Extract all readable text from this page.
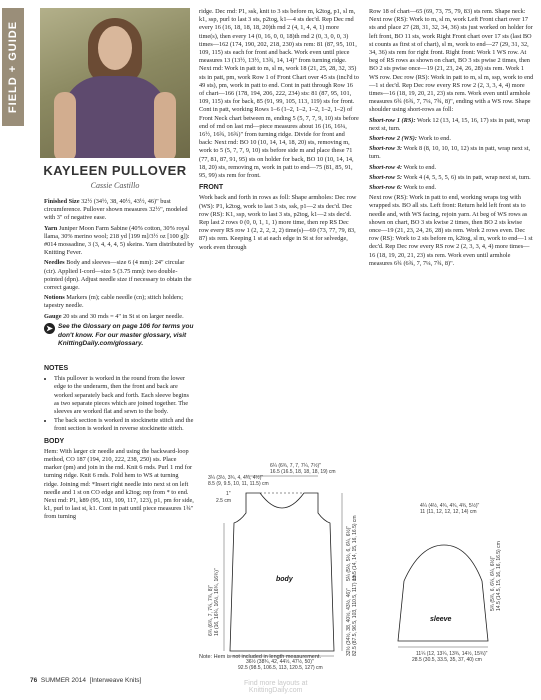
FIELD + GUIDE
KAYLEEN PULLOVER
Cassie Castillo

Finished Size 32½ (34½, 38, 40½, 43½, 46)" bust circumference. Pullover shown measures 32½", modeled with 3" of negative ease.

Yarn Juniper Moon Farm Sabine (40% cotton, 30% royal llama, 30% merino wool; 218 yd [199 m]/3½ oz [100 g]): #014 mossadine, 3 (3, 4, 4, 4, 5) skeins. Yarn distributed by Knitting Fever.

Needles Body and sleeves—size 6 (4 mm): 24" circular (cir). Applied I-cord—size 5 (3.75 mm): two double-pointed (dpn). Adjust needle size if necessary to obtain the correct gauge.

Notions Markers (m); cable needle (cn); stitch holders; tapestry needle.

Gauge 20 sts and 30 rnds = 4" in St st on larger needle.

➤ See the Glossary on page 106 for terms you don't know. For our master glossary, visit KnittingDaily.com/glossary.
NOTES
• This pullover is worked in the round from the lower edge to the underarm, then the front and back are worked separately back and forth. Each sleeve begins as two separate pieces which are joined together. The sleeves are worked flat and sewn to the body.
• The back section is worked in stockinette stitch and the front section is worked in reverse stockinette stitch.
BODY

Hem: With larger cir needle and using the backward-loop method, CO 187 (194, 210, 222, 238, 250) sts. Place marker (pm) and join in the rnd. Knit 6 rnds. Purl 1 rnd for turning ridge. Knit 6 rnds. Fold hem to WS at turning ridge. Joining rnd: *Insert right needle into next st on left needle and 1 st on CO edge and k2tog; rep from * to end. Next rnd: P1, k89 (95, 103, 109, 117, 123), p1, pm for side, k1, purl to last st, k1. Cont in patt until piece measures 1¾" from turning

ridge. Dec rnd: P1, ssk, knit to 3 sts before m, k2tog, p1, sl m, k1, ssp, purl to last 3 sts, p2tog, k1—4 sts dec'd. Rep Dec rnd every 16 (16, 18, 18, 18, 20)th rnd 2 (4, 1, 4, 4, 1) more time(s), then every 14 (0, 16, 0, 0, 18)th rnd 2 (0, 3, 0, 0, 3) times—162 (174, 190, 202, 218, 230) sts rem: 81 (87, 95, 101, 109, 115) sts each for front and back. Work even until piece measures 13 (13½, 13½, 13¾, 14, 14)" from turning ridge. Next rnd: Work in patt to m, sl m, work 18 (21, 25, 28, 32, 35) sts in patt, pm, work Row 1 of Front Chart over 45 sts (incl'd to 49 sts), pm, work in patt to end. Cont in patt through Row 16 of chart—166 (178, 194, 206, 222, 234) sts: 81 (87, 95, 101, 109, 115) sts for back, 85 (91, 99, 105, 113, 119) sts for front. Cont in patt, working Rows 1–6 (1–2, 1–2, 1–2, 1–2, 1–2) of Front Neck chart between m, ending 5 (5, 7, 7, 9, 10) sts before end of rnd on last rnd—piece measures about 16 (16, 16¼, 16½, 16¾, 16¾)" from turning ridge. Divide for front and back: Next rnd: BO 10 (10, 14, 14, 18, 20) sts, removing m, work to 5 (5, 7, 7, 9, 10) sts before side m and place these 71 (77, 81, 87, 91, 95) sts on holder for back, BO 10 (10, 14, 14, 18, 20) sts, removing m, work in patt to end—75 (81, 85, 91, 95, 99) sts rem for front.

FRONT

Work back and forth in rows as foll: Shape armholes: Dec row (WS): P1, k2tog, work to last 3 sts, ssk, p1—2 sts dec'd. Dec row (RS): K1, ssp, work to last 3 sts, p2tog, k1—2 sts dec'd. Rep last 2 rows 0 (0, 0, 1, 1, 1) more time, then rep RS Dec row every RS row 1 (2, 2, 2, 2, 2) time(s)—69 (73, 77, 79, 83, 87) sts rem. Keeping 1 st at each edge in St st for selvedge, work even through

Row 18 of chart—65 (69, 73, 75, 79, 83) sts rem. Shape neck: Next row (RS): Work to m, sl m, work Left Front chart over 17 sts and place 27 (28, 31, 32, 34, 36) sts just worked on holder for left front, BO 11 sts, work Right Front chart over 17 sts (last BO st counts as first st of chart), sl m, work to end—27 (29, 31, 32, 34, 36) sts rem for right front. Right front: Work 1 WS row. At beg of RS rows as shown on chart, BO 3 sts pwise 2 times, then BO 2 sts pwise once—19 (21, 23, 24, 26, 28) sts rem. Work 1 WS row. Dec row (RS): Work in patt to m, sl m, ssp, work to end—1 st dec'd. Rep Dec row every RS row 2 (2, 3, 3, 4, 4) more times—16 (18, 19, 20, 21, 23) sts rem. Work even until armhole measures 6¾ (6¾, 7, 7¼, 7¾, 8)", ending with a WS row. Shape shoulder using short-rows as foll:

Short-row 1 (RS): Work 12 (13, 14, 15, 16, 17) sts in patt, wrap next st, turn.

Short-row 2 (WS): Work to end.

Short-row 3: Work 8 (8, 10, 10, 10, 12) sts in patt, wrap next st, turn.

Short-row 4: Work to end.

Short-row 5: Work 4 (4, 5, 5, 5, 6) sts in patt, wrap next st, turn.

Short-row 6: Work to end.

Next row (RS): Work in patt to end, working wraps tog with wrapped sts. BO all sts. Left front: Return held left front sts to needle and, with WS facing, rejoin yarn. At beg of WS rows as shown on chart, BO 3 sts kwise 2 times, then BO 2 sts kwise once—19 (21, 23, 24, 26, 28) sts rem. Work 2 rows even. Dec row (RS): Work to 2 sts before m, k2tog, sl m, work to end—1 st dec'd. Rep Dec row every RS row 2 (2, 3, 3, 4, 4) more times—16 (18, 19, 20, 21, 23) sts rem. Work even until armhole measures 6¾ (6¾, 7, 7¼, 7¾, 8)".

6¼ (6¾, 7, 7, 7¼, 7½)"
16.5 (16.5, 18, 18, 18, 19) cm
3¼ (3½, 3¾, 4, 4¼, 4½)"
8.5 (9, 9.5, 10, 11, 11.5) cm
1"
2.5 cm
body
6¾ (6¾, 7, 7¼, 7¾, 8)" 16 (16, 16¼, 16½, 16¾, 16¾)"
5¼ (5½, 5½, 6, 6¼, 6½)" 13.5 (14, 14, 15, 16, 16.5) cm
32½ (34½, 38, 40½, 43½, 46)" 82.5 (87.5, 96.5, 103, 110.5, 117) cm
36½ (38¾, 42, 44½, 47½, 50)"
92.5 (98.5, 106.5, 113, 120.5, 127) cm
4¼ (4½, 4¾, 4¾, 4¾, 5½)"
11 (11, 12, 12, 12, 14) cm
sleeve
5¾ (5¾, 6, 6¼, 6¼, 6½)" 14.5 (14.5, 15, 16, 16, 16.5) cm
11¼ (12, 13¼, 13¾, 14½, 15¾)"
28.5 (30.5, 33.5, 35, 37, 40) cm
Note: Hem is not included in length measurement.
76 SUMMER 2014 [Interweave Knits]	Find more layouts at
KnittingDaily.com
